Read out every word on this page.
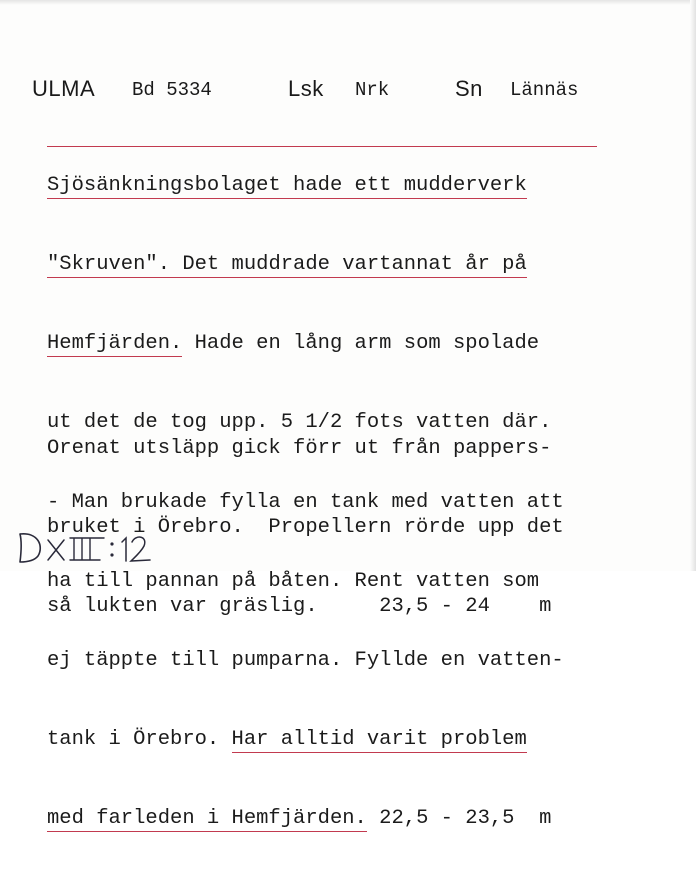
ULMA Bd 5334	Lsk Nrk	Sn Lännäs

Sjösänkningsbolaget hade ett mudderverk

"Skruven". Det muddrade vartannat år på

Hemfjärden. Hade en lång arm som spolade

ut det de tog upp. 5 1/2 fots vatten där.

- Man brukade fylla en tank med vatten att

ha till pannan på båten. Rent vatten som

ej täppte till pumparna. Fyllde en vatten-

tank i Örebro. Har alltid varit problem

med farleden i Hemfjärden. 22,5 - 23,5  m

Orenat utsläpp gick förr ut från pappers-

bruket i Örebro.  Propellern rörde upp det

så lukten var gräslig.     23,5 - 24    m
